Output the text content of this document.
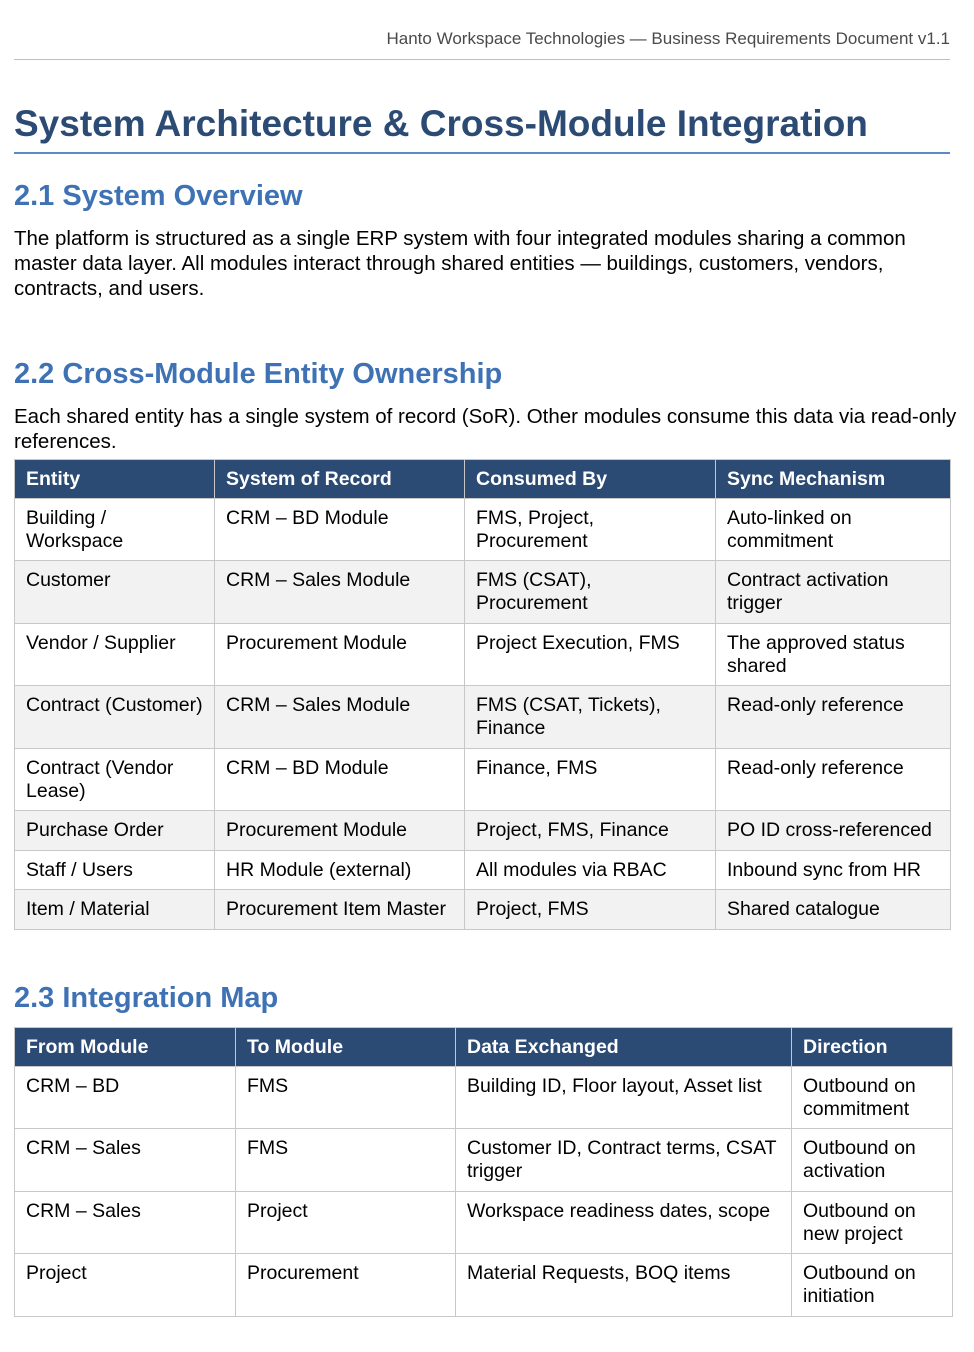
Hanto Workspace Technologies — Business Requirements Document v1.1
System Architecture & Cross-Module Integration
2.1 System Overview

The platform is structured as a single ERP system with four integrated modules sharing a common master data layer. All modules interact through shared entities — buildings, customers, vendors, contracts, and users.

2.2 Cross-Module Entity Ownership

Each shared entity has a single system of record (SoR). Other modules consume this data via read-only references.

Entity	System of Record	Consumed By	Sync Mechanism
Building / Workspace	CRM – BD Module	FMS, Project, Procurement	Auto-linked on commitment
Customer	CRM – Sales Module	FMS (CSAT), Procurement	Contract activation trigger
Vendor / Supplier	Procurement Module	Project Execution, FMS	The approved status shared
Contract (Customer)	CRM – Sales Module	FMS (CSAT, Tickets), Finance	Read-only reference
Contract (Vendor Lease)	CRM – BD Module	Finance, FMS	Read-only reference
Purchase Order	Procurement Module	Project, FMS, Finance	PO ID cross-referenced
Staff / Users	HR Module (external)	All modules via RBAC	Inbound sync from HR
Item / Material	Procurement Item Master	Project, FMS	Shared catalogue
2.3 Integration Map
From Module	To Module	Data Exchanged	Direction
CRM – BD	FMS	Building ID, Floor layout, Asset list	Outbound on commitment
CRM – Sales	FMS	Customer ID, Contract terms, CSAT trigger	Outbound on activation
CRM – Sales	Project	Workspace readiness dates, scope	Outbound on new project
Project	Procurement	Material Requests, BOQ items	Outbound on initiation
